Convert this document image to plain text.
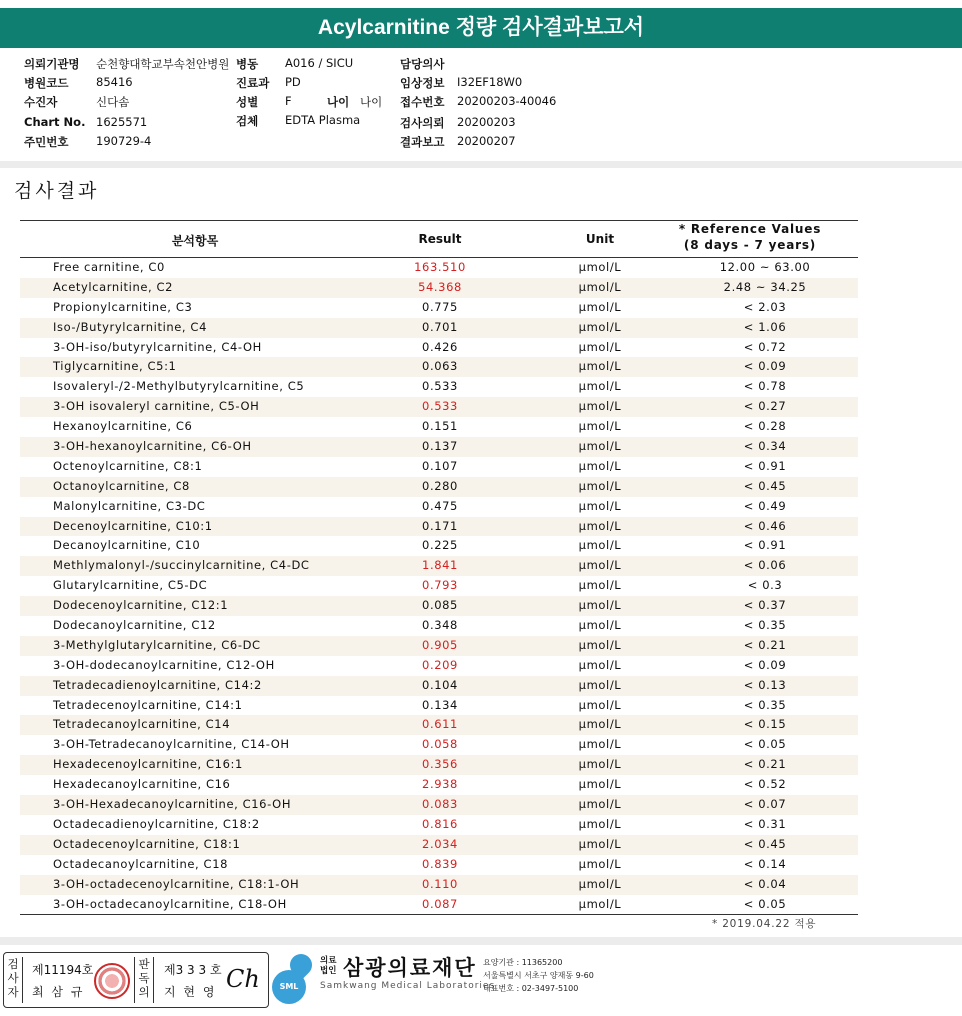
Acylcarnitine 정량 검사결과보고서
의뢰기관명 순천향대학교부속천안병원 병동 A016 / SICU	담당의사
병원코드 85416	진료과 PD	임상정보 I32EF18W0
수진자	신다솜	성별 F	나이 나이 접수번호 20200203-40046
Chart No. 1625571	검체 EDTA Plasma	검사의뢰 20200203
주민번호 190729-4	결과보고 20200207
검사결과
분석항목	Result	Unit
* Reference Values
(8 days - 7 years)
Free carnitine, C0	163.510	µmol/L	12.00 ~ 63.00
Acetylcarnitine, C2	54.368	µmol/L	2.48 ~ 34.25
Propionylcarnitine, C3	0.775	µmol/L	< 2.03
Iso-/Butyrylcarnitine, C4	0.701	µmol/L	< 1.06
3-OH-iso/butyrylcarnitine, C4-OH	0.426	µmol/L	< 0.72
Tiglycarnitine, C5:1	0.063	µmol/L	< 0.09
Isovaleryl-/2-Methylbutyrylcarnitine, C5	0.533	µmol/L	< 0.78
3-OH isovaleryl carnitine, C5-OH	0.533	µmol/L	< 0.27
Hexanoylcarnitine, C6	0.151	µmol/L	< 0.28
3-OH-hexanoylcarnitine, C6-OH	0.137	µmol/L	< 0.34
Octenoylcarnitine, C8:1	0.107	µmol/L	< 0.91
Octanoylcarnitine, C8	0.280	µmol/L	< 0.45
Malonylcarnitine, C3-DC	0.475	µmol/L	< 0.49
Decenoylcarnitine, C10:1	0.171	µmol/L	< 0.46
Decanoylcarnitine, C10	0.225	µmol/L	< 0.91
Methlymalonyl-/succinylcarnitine, C4-DC	1.841	µmol/L	< 0.06
Glutarylcarnitine, C5-DC	0.793	µmol/L	< 0.3
Dodecenoylcarnitine, C12:1	0.085	µmol/L	< 0.37
Dodecanoylcarnitine, C12	0.348	µmol/L	< 0.35
3-Methylglutarylcarnitine, C6-DC	0.905	µmol/L	< 0.21
3-OH-dodecanoylcarnitine, C12-OH	0.209	µmol/L	< 0.09
Tetradecadienoylcarnitine, C14:2	0.104	µmol/L	< 0.13
Tetradecenoylcarnitine, C14:1	0.134	µmol/L	< 0.35
Tetradecanoylcarnitine, C14	0.611	µmol/L	< 0.15
3-OH-Tetradecanoylcarnitine, C14-OH	0.058	µmol/L	< 0.05
Hexadecenoylcarnitine, C16:1	0.356	µmol/L	< 0.21
Hexadecanoylcarnitine, C16	2.938	µmol/L	< 0.52
3-OH-Hexadecanoylcarnitine, C16-OH	0.083	µmol/L	< 0.07
Octadecadienoylcarnitine, C18:2	0.816	µmol/L	< 0.31
Octadecenoylcarnitine, C18:1	2.034	µmol/L	< 0.45
Octadecanoylcarnitine, C18	0.839	µmol/L	< 0.14
3-OH-octadecenoylcarnitine, C18:1-OH	0.110	µmol/L	< 0.04
3-OH-octadecanoylcarnitine, C18-OH	0.087	µmol/L	< 0.05
* 2019.04.22 적용
검사자
제11194호
최 삼 규
판독의
제3 3 3 호
지 현 영 Ch	SML
의료
법인 삼광의료재단
Samkwang Medical Laboratories
요양기관 : 11365200
서울특별시 서초구 양재동 9-60
대표번호 : 02-3497-5100
